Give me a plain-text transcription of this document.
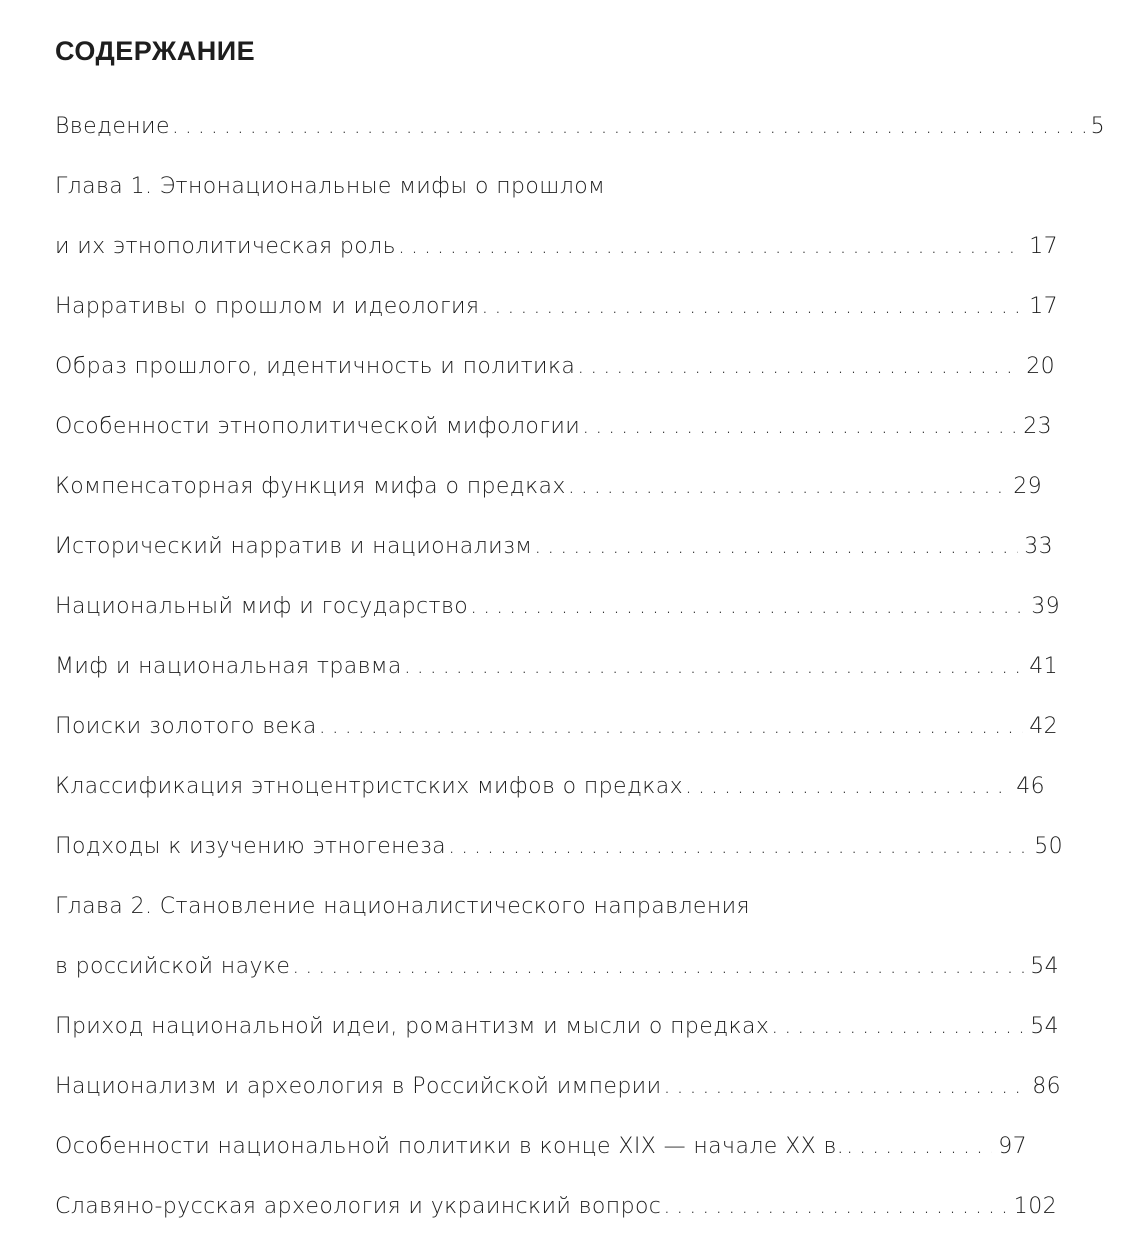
СОДЕРЖАНИЕ
Введение . . .	5
Глава 1. Этнонациональные мифы о прошлом
и их этнополитическая роль . . .	17
Нарративы о прошлом и идеология . . .	17
Образ прошлого, идентичность и политика . . .	20
Особенности этнополитической мифологии . . .	23
Компенсаторная функция мифа о предках . . .	29
Исторический нарратив и национализм . . .	33
Национальный миф и государство . . .	39
Миф и национальная травма . . .	41
Поиски золотого века . . .	42
Классификация этноцентристских мифов о предках . . .	46
Подходы к изучению этногенеза . . .	50
Глава 2. Становление националистического направления
в российской науке . . .	54
Приход национальной идеи, романтизм и мысли о предках . . .	54
Национализм и археология в Российской империи . . .	86
Особенности национальной политики в конце XIX — начале XX в. . . .	97
Славяно-русская археология и украинский вопрос . . .	102
